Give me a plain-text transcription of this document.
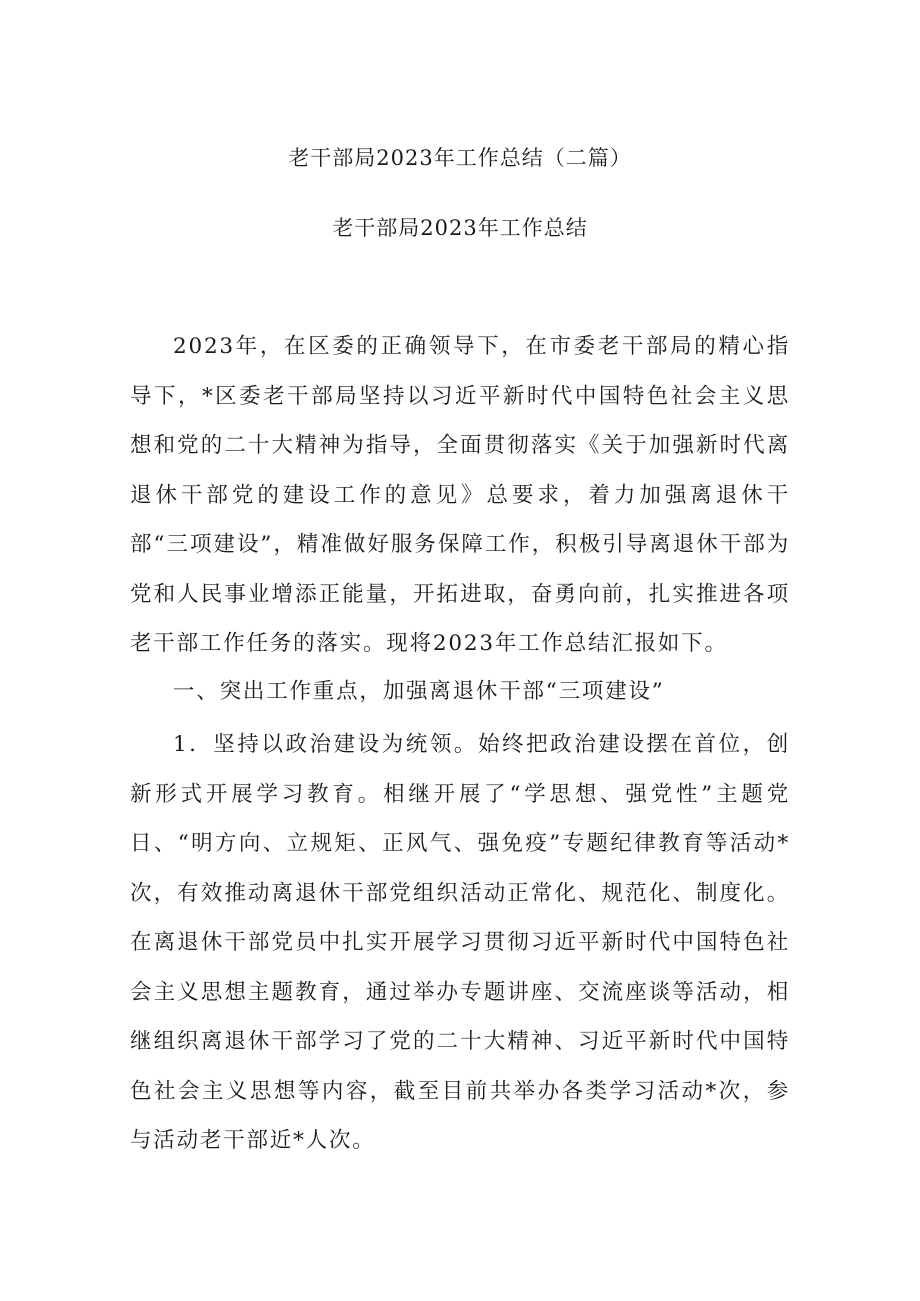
老干部局2023年工作总结（二篇）
老干部局2023年工作总结

2023年，在区委的正确领导下，在市委老干部局的精心指导下，*区委老干部局坚持以习近平新时代中国特色社会主义思想和党的二十大精神为指导，全面贯彻落实《关于加强新时代离退休干部党的建设工作的意见》总要求，着力加强离退休干部“三项建设”，精准做好服务保障工作，积极引导离退休干部为党和人民事业增添正能量，开拓进取，奋勇向前，扎实推进各项老干部工作任务的落实。现将2023年工作总结汇报如下。

一、突出工作重点，加强离退休干部“三项建设”

1．坚持以政治建设为统领。始终把政治建设摆在首位，创新形式开展学习教育。相继开展了“学思想、强党性”主题党日、“明方向、立规矩、正风气、强免疫”专题纪律教育等活动*次，有效推动离退休干部党组织活动正常化、规范化、制度化。在离退休干部党员中扎实开展学习贯彻习近平新时代中国特色社会主义思想主题教育，通过举办专题讲座、交流座谈等活动，相继组织离退休干部学习了党的二十大精神、习近平新时代中国特色社会主义思想等内容，截至目前共举办各类学习活动*次，参与活动老干部近*人次。
